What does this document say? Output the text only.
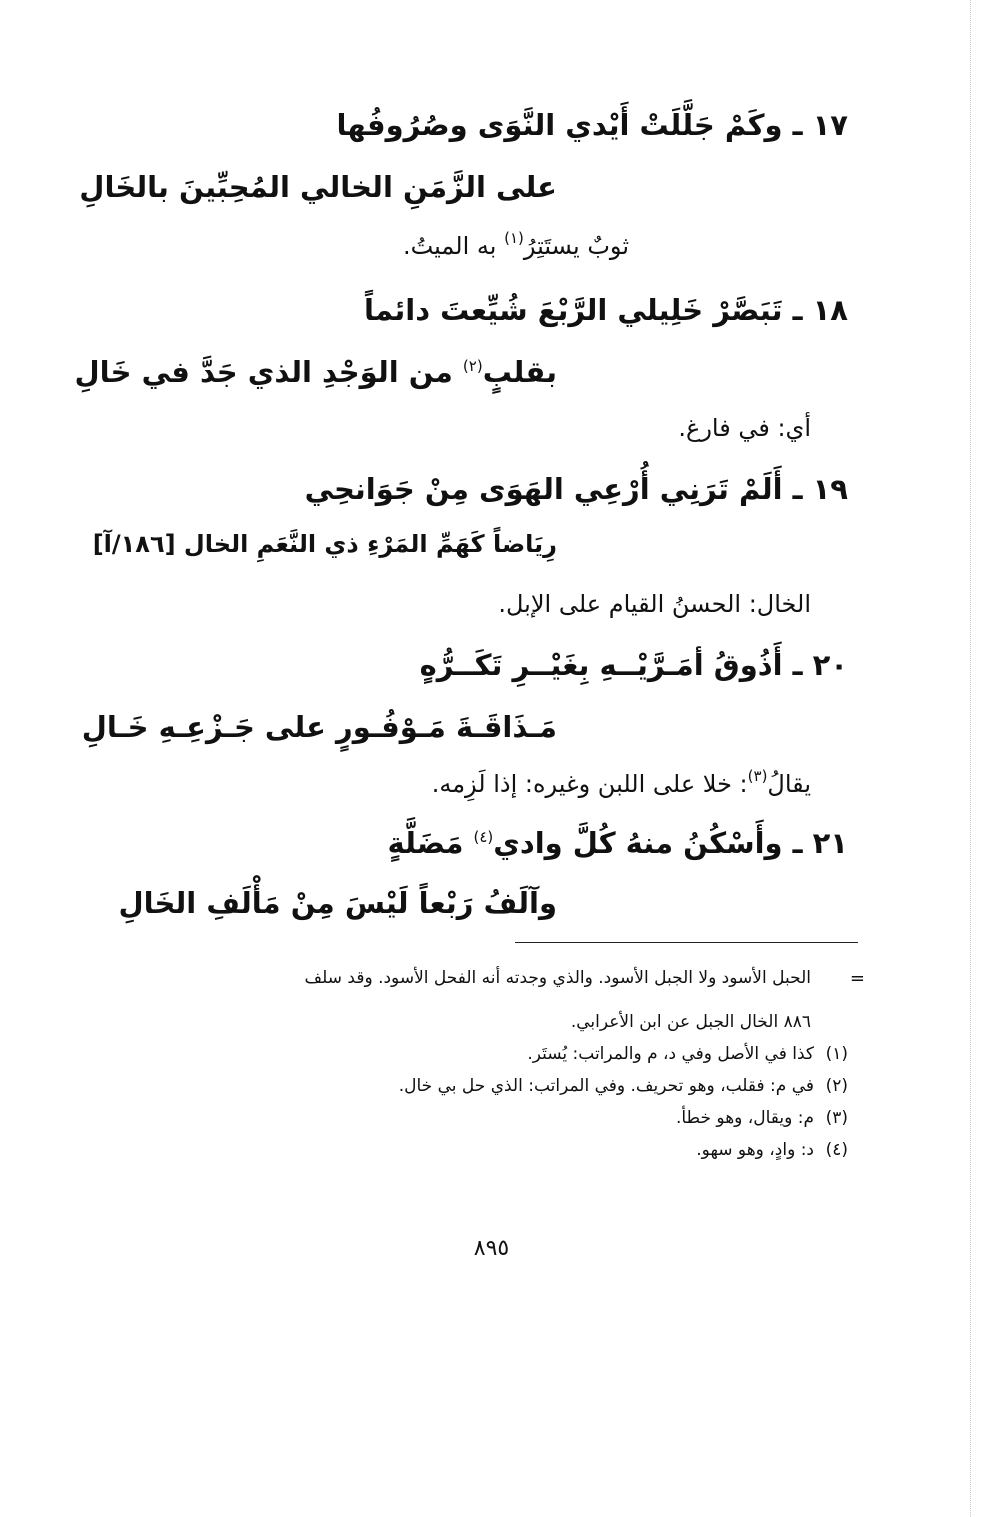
١٧ ـوكَمْ جَلَّلَتْ أَيْدي النَّوَى وصُرُوفُها
على الزَّمَنِ الخالي المُحِبِّينَ بالخَالِ
ثوبٌ يستَتِرُ$^{(١)}$ به الميتُ.
١٨ ـتَبَصَّرْ خَلِيلي الرَّبْعَ شُيِّعتَ دائماً
بقلبٍ$^{(٢)}$ من الوَجْدِ الذي جَدَّ في خَالِ
أي: في فارغ.
١٩ ـأَلَمْ تَرَنِي أُرْعِي الهَوَى مِنْ جَوَانحِي
رِيَاضاً كَهَمِّ المَرْءِ ذي النَّعَمِ الخال [١٨٦/آ]
الخال: الحسنُ القيام على الإبل.
٢٠ ـأَذُوقُ أمَـرَّيْــهِ بِغَيْــرِ تَكَــرُّهٍ
مَـذَاقَـةَ مَـوْفُـورٍ على جَـزْعِـهِ خَـالِ
يقالُ$^{(٣)}$: خلا على اللبن وغيره: إذا لَزِمه.
٢١ ـوأَسْكُنُ منهُ كُلَّ وادي$^{(٤)}$ مَضَلَّةٍ
وآلَفُ رَبْعاً لَيْسَ مِنْ مَأْلَفِ الخَالِ
=
الحبل الأسود ولا الجبل الأسود. والذي وجدته أنه الفحل الأسود. وقد سلف
٨٨٦ الخال الجبل عن ابن الأعرابي.
(١)كذا في الأصل وفي د، م والمراتب: يُستَر.
(٢)في م: فقلب، وهو تحريف. وفي المراتب: الذي حل بي خال.
(٣)م: ويقال، وهو خطأ.
(٤)د: وادٍ، وهو سهو.
٨٩٥
